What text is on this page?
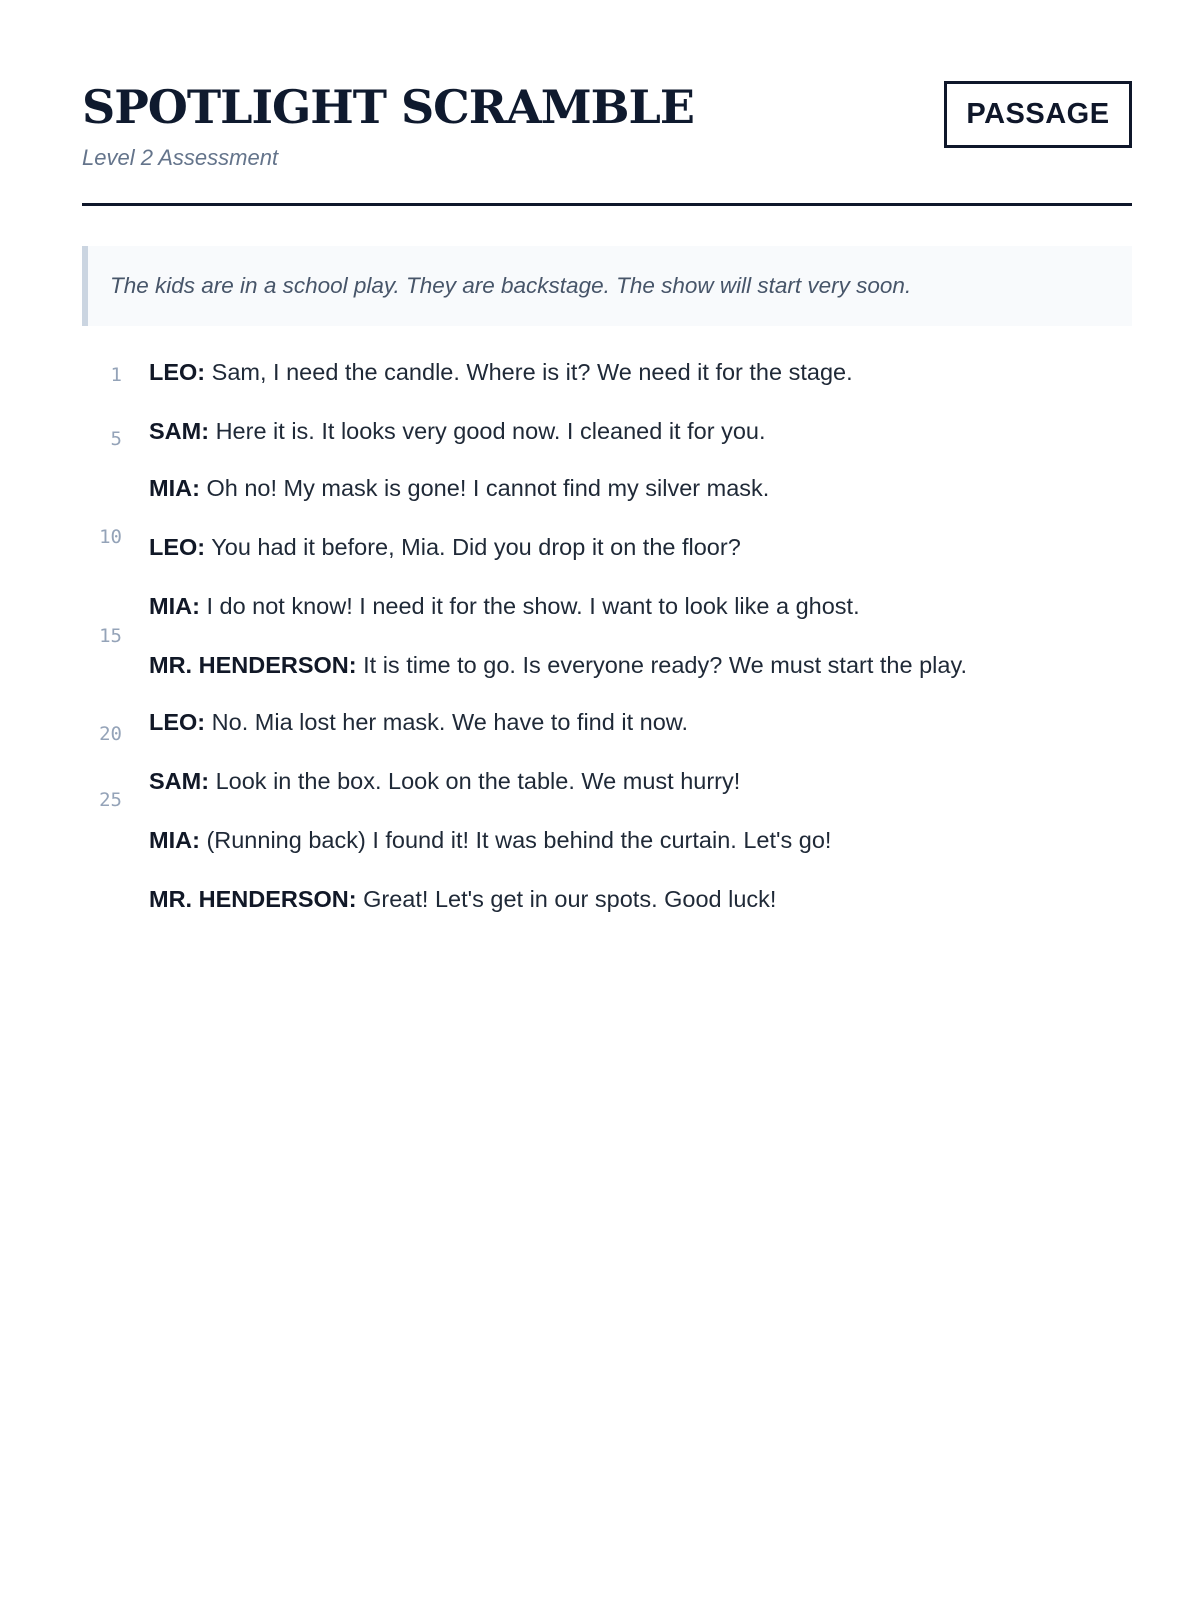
SPOTLIGHT SCRAMBLE
Level 2 Assessment
PASSAGE
The kids are in a school play. They are backstage. The show will start very soon.
1
5
10
15
20
25
LEO: Sam, I need the candle. Where is it? We need it for the stage.
SAM: Here it is. It looks very good now. I cleaned it for you.
MIA: Oh no! My mask is gone! I cannot find my silver mask.
LEO: You had it before, Mia. Did you drop it on the floor?
MIA: I do not know! I need it for the show. I want to look like a ghost.
MR. HENDERSON: It is time to go. Is everyone ready? We must start the play.
LEO: No. Mia lost her mask. We have to find it now.
SAM: Look in the box. Look on the table. We must hurry!
MIA: (Running back) I found it! It was behind the curtain. Let's go!
MR. HENDERSON: Great! Let's get in our spots. Good luck!
